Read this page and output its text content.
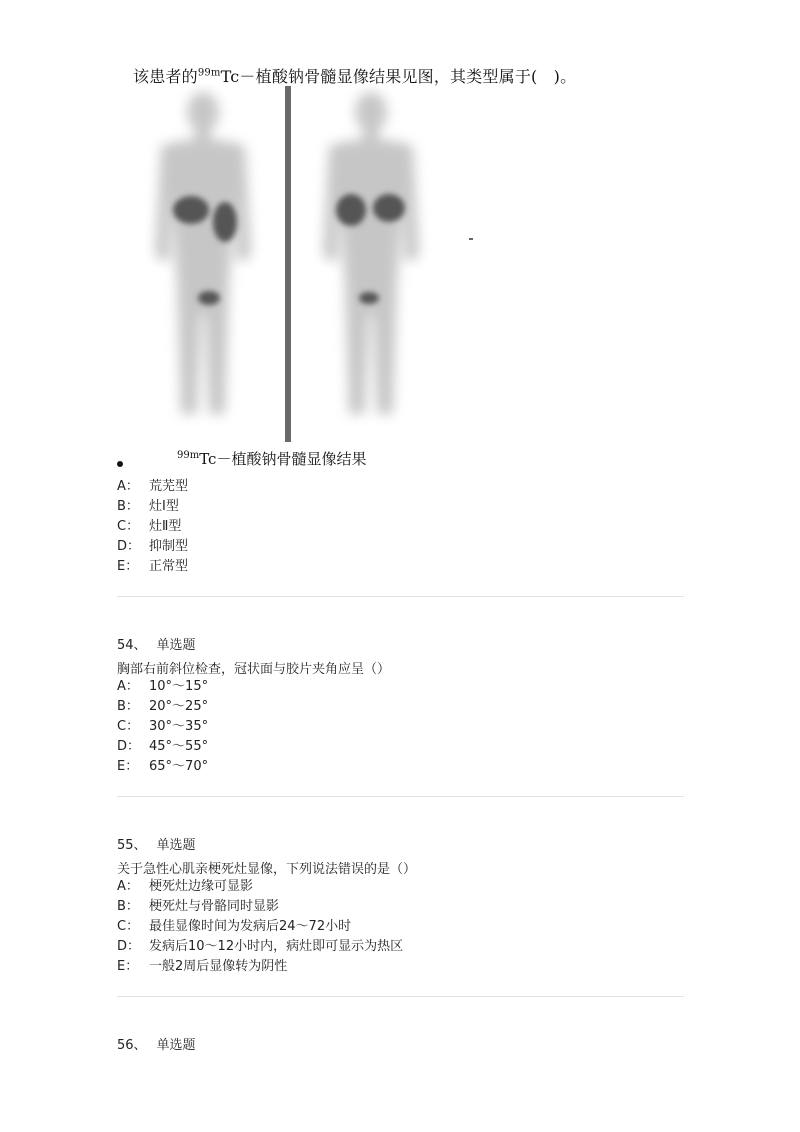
该患者的$^{99m}$Tc－植酸钠骨髓显像结果见图，其类型属于(　)。
$^{99m}$Tc－植酸钠骨髓显像结果
A： 荒芜型
B： 灶Ⅰ型
C： 灶Ⅱ型
D： 抑制型
E： 正常型
54、 单选题
胸部右前斜位检查，冠状面与胶片夹角应呈（）
A： 10°～15°
B： 20°～25°
C： 30°～35°
D： 45°～55°
E： 65°～70°
55、 单选题
关于急性心肌亲梗死灶显像，下列说法错误的是（）
A： 梗死灶边缘可显影
B： 梗死灶与骨骼同时显影
C： 最佳显像时间为发病后24～72小时
D： 发病后10～12小时内，病灶即可显示为热区
E： 一般2周后显像转为阴性
56、 单选题
